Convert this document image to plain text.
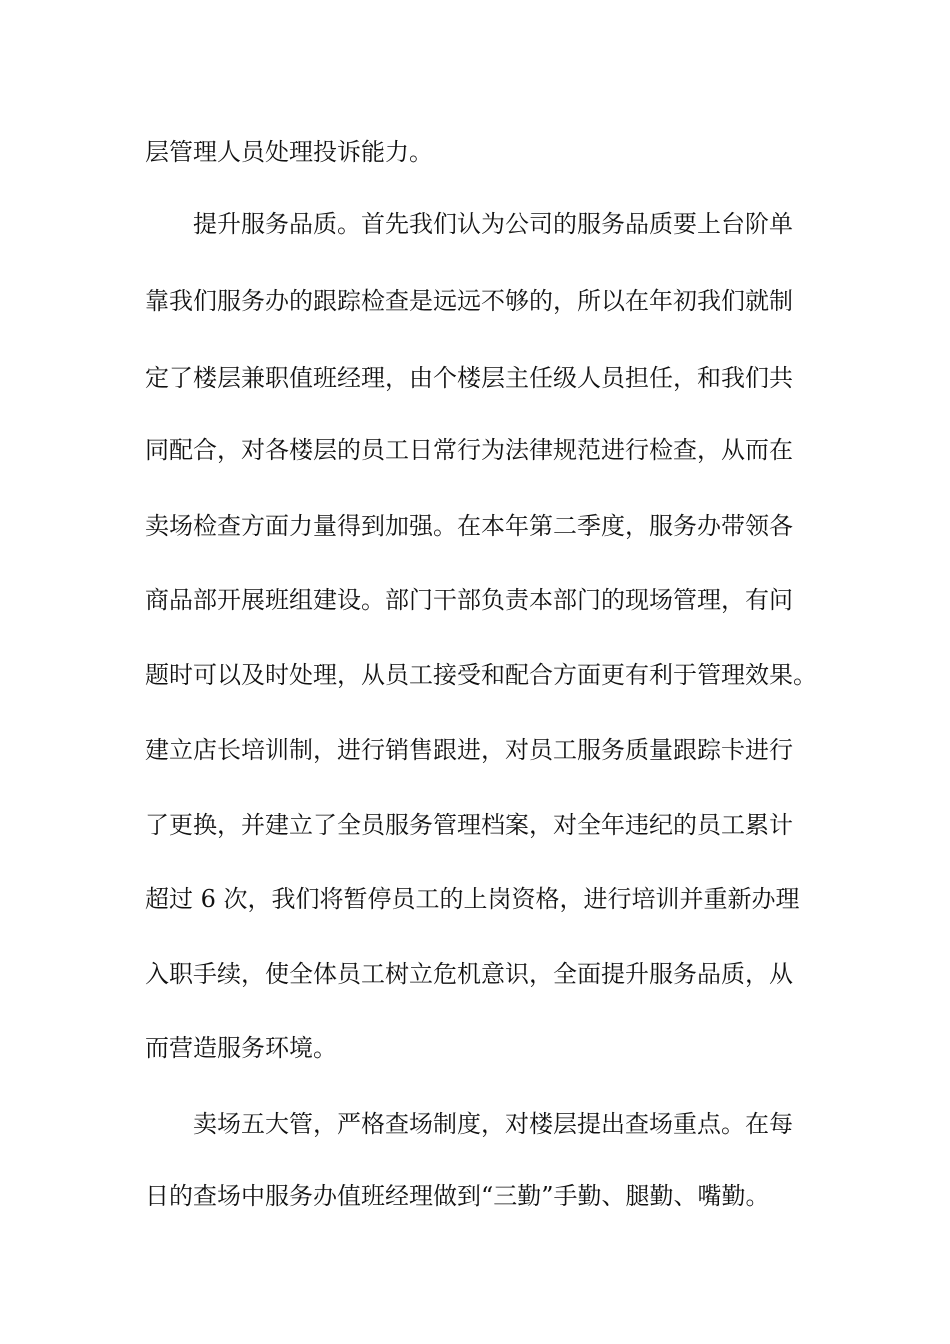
层管理人员处理投诉能力。

提升服务品质。首先我们认为公司的服务品质要上台阶单

靠我们服务办的跟踪检查是远远不够的，所以在年初我们就制

定了楼层兼职值班经理，由个楼层主任级人员担任，和我们共

同配合，对各楼层的员工日常行为法律规范进行检查，从而在

卖场检查方面力量得到加强。在本年第二季度，服务办带领各

商品部开展班组建设。部门干部负责本部门的现场管理，有问

题时可以及时处理，从员工接受和配合方面更有利于管理效果。

建立店长培训制，进行销售跟进，对员工服务质量跟踪卡进行

了更换，并建立了全员服务管理档案，对全年违纪的员工累计

超过 6 次，我们将暂停员工的上岗资格，进行培训并重新办理

入职手续，使全体员工树立危机意识，全面提升服务品质，从

而营造服务环境。

卖场五大管，严格查场制度，对楼层提出查场重点。在每

日的查场中服务办值班经理做到“三勤”手勤、腿勤、嘴勤。
